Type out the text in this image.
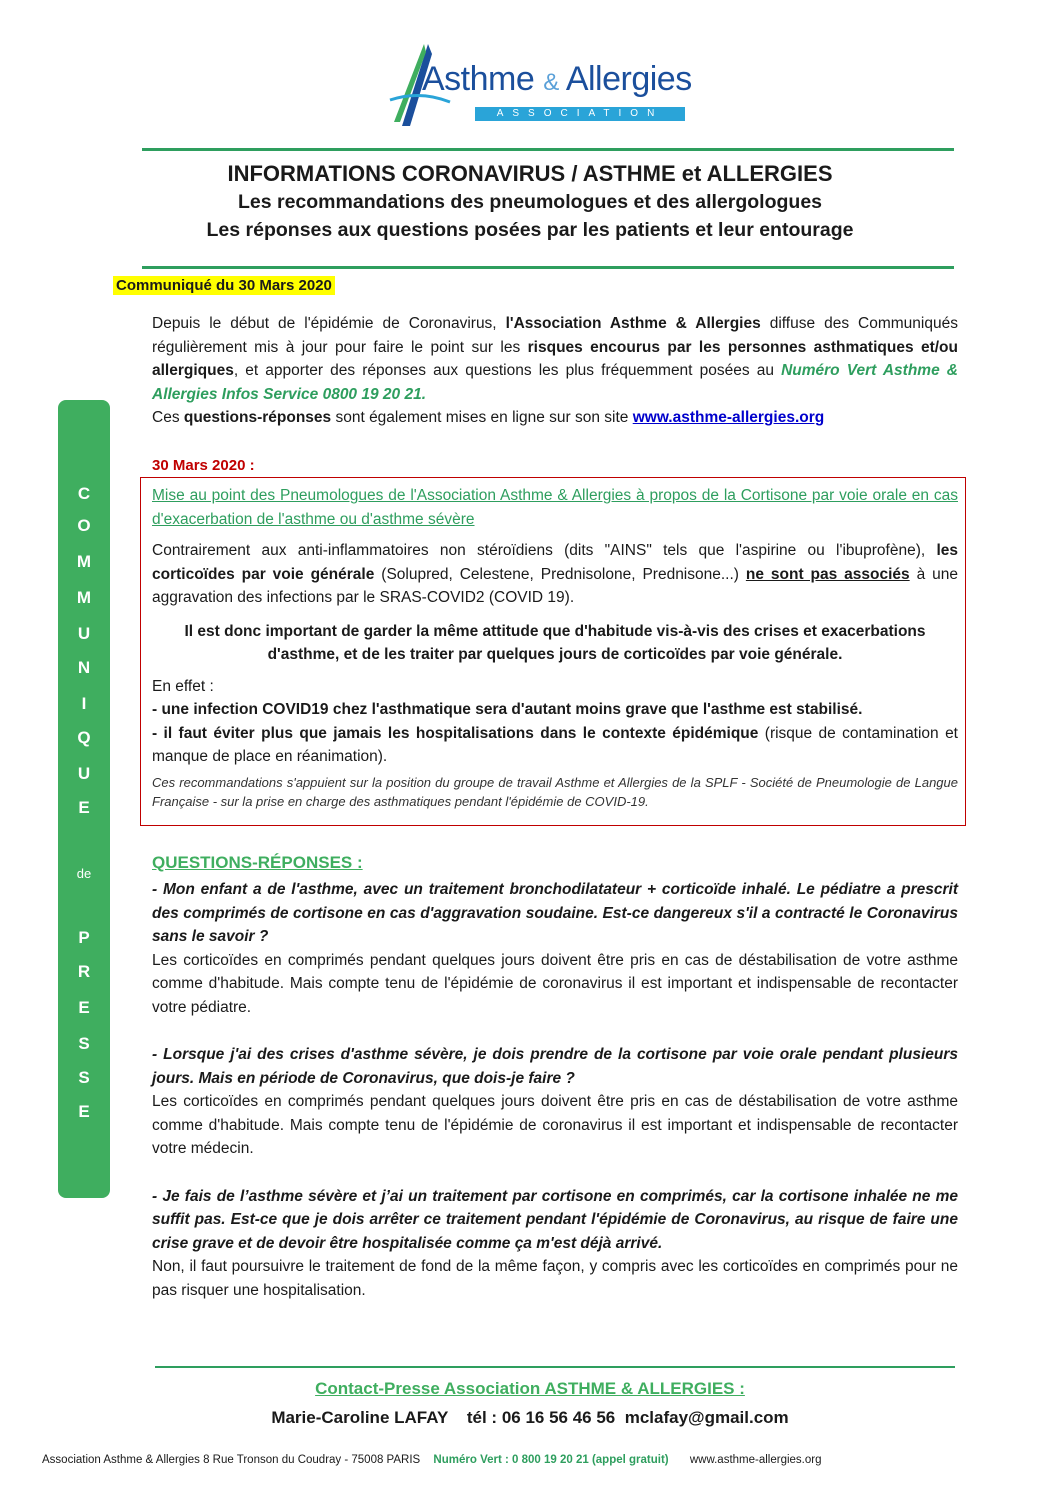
Asthme & Allergies
ASSOCIATION
INFORMATIONS CORONAVIRUS / ASTHME et ALLERGIES
Les recommandations des pneumologues et des allergologues
Les réponses aux questions posées par les patients et leur entourage
Communiqué du 30 Mars 2020
Depuis le début de l'épidémie de Coronavirus, l'Association Asthme & Allergies diffuse des Communiqués régulièrement mis à jour pour faire le point sur les risques encourus par les personnes asthmatiques et/ou allergiques, et apporter des réponses aux questions les plus fréquemment posées au Numéro Vert Asthme & Allergies Infos Service 0800 19 20 21.
Ces questions-réponses sont également mises en ligne sur son site www.asthme-allergies.org
C
O
M
M
U
N
I
Q
U
E
de
P
R
E
S
S
E
30 Mars 2020 :
Mise au point des Pneumologues de l'Association Asthme & Allergies à propos de la Cortisone par voie orale en cas d'exacerbation de l'asthme ou d'asthme sévère
Contrairement aux anti-inflammatoires non stéroïdiens (dits "AINS" tels que l'aspirine ou l'ibuprofène), les corticoïdes par voie générale (Solupred, Celestene, Prednisolone, Prednisone...) ne sont pas associés à une aggravation des infections par le SRAS-COVID2 (COVID 19).
Il est donc important de garder la même attitude que d'habitude vis-à-vis des crises et exacerbations d'asthme, et de les traiter par quelques jours de corticoïdes par voie générale.
En effet :
- une infection COVID19 chez l'asthmatique sera d'autant moins grave que l'asthme est stabilisé.
- il faut éviter plus que jamais les hospitalisations dans le contexte épidémique (risque de contamination et manque de place en réanimation).
Ces recommandations s'appuient sur la position du groupe de travail Asthme et Allergies de la SPLF - Société de Pneumologie de Langue Française - sur la prise en charge des asthmatiques pendant l'épidémie de COVID-19.
QUESTIONS-RÉPONSES :

- Mon enfant a de l'asthme, avec un traitement bronchodilatateur + corticoïde inhalé. Le pédiatre a prescrit des comprimés de cortisone en cas d'aggravation soudaine. Est-ce dangereux s'il a contracté le Coronavirus sans le savoir ?

Les corticoïdes en comprimés pendant quelques jours doivent être pris en cas de déstabilisation de votre asthme comme d'habitude. Mais compte tenu de l'épidémie de coronavirus il est important et indispensable de recontacter votre pédiatre.

- Lorsque j'ai des crises d'asthme sévère, je dois prendre de la cortisone par voie orale pendant plusieurs jours. Mais en période de Coronavirus, que dois-je faire ?

Les corticoïdes en comprimés pendant quelques jours doivent être pris en cas de déstabilisation de votre asthme comme d'habitude. Mais compte tenu de l'épidémie de coronavirus il est important et indispensable de recontacter votre médecin.

- Je fais de l’asthme sévère et j’ai un traitement par cortisone en comprimés, car la cortisone inhalée ne me suffit pas. Est-ce que je dois arrêter ce traitement pendant l'épidémie de Coronavirus, au risque de faire une crise grave et de devoir être hospitalisée comme ça m'est déjà arrivé.

Non, il faut poursuivre le traitement de fond de la même façon, y compris avec les corticoïdes en comprimés pour ne pas risquer une hospitalisation.

Contact-Presse Association ASTHME & ALLERGIES :
Marie-Caroline LAFAY    tél : 06 16 56 46 56  mclafay@gmail.com
Association Asthme & Allergies 8 Rue Tronson du Coudray - 75008 PARIS Numéro Vert : 0 800 19 20 21 (appel gratuit) www.asthme-allergies.org
